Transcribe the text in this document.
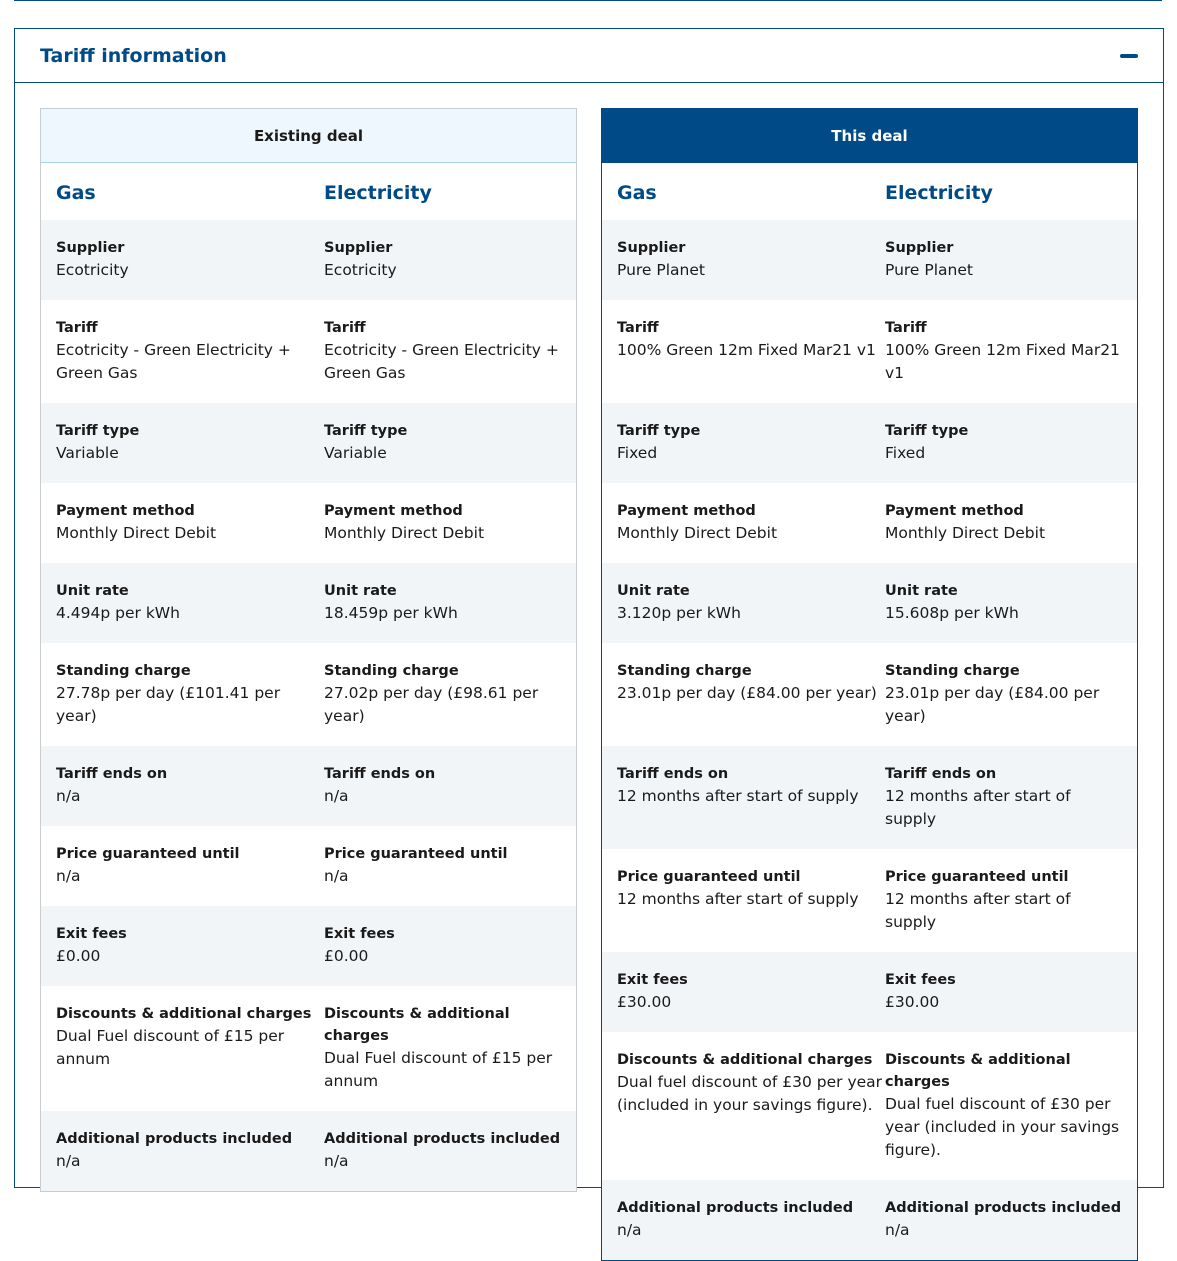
Tariff information
Existing deal
Gas	Electricity
Supplier
Ecotricity
Supplier
Ecotricity
Tariff
Ecotricity - Green Electricity + Green Gas
Tariff
Ecotricity - Green Electricity + Green Gas
Tariff type
Variable
Tariff type
Variable
Payment method
Monthly Direct Debit
Payment method
Monthly Direct Debit
Unit rate
4.494p per kWh
Unit rate
18.459p per kWh
Standing charge
27.78p per day (£101.41 per year)
Standing charge
27.02p per day (£98.61 per year)
Tariff ends on
n/a
Tariff ends on
n/a
Price guaranteed until
n/a
Price guaranteed until
n/a
Exit fees
£0.00
Exit fees
£0.00
Discounts & additional charges
Dual Fuel discount of £15 per annum
Discounts & additional charges
Dual Fuel discount of £15 per annum
Additional products included
n/a
Additional products included
n/a
This deal
Gas	Electricity
Supplier
Pure Planet
Supplier
Pure Planet
Tariff
100% Green 12m Fixed Mar21 v1
Tariff
100% Green 12m Fixed Mar21 v1
Tariff type
Fixed
Tariff type
Fixed
Payment method
Monthly Direct Debit
Payment method
Monthly Direct Debit
Unit rate
3.120p per kWh
Unit rate
15.608p per kWh
Standing charge
23.01p per day (£84.00 per year)
Standing charge
23.01p per day (£84.00 per year)
Tariff ends on
12 months after start of supply
Tariff ends on
12 months after start of supply
Price guaranteed until
12 months after start of supply
Price guaranteed until
12 months after start of supply
Exit fees
£30.00
Exit fees
£30.00
Discounts & additional charges
Dual fuel discount of £30 per year (included in your savings figure).
Discounts & additional charges
Dual fuel discount of £30 per year (included in your savings figure).
Additional products included
n/a
Additional products included
n/a
